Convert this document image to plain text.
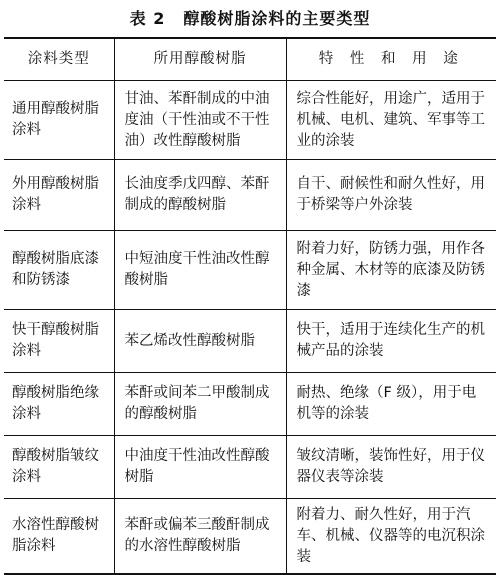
表 2 醇酸树脂涂料的主要类型
涂料类型	所用醇酸树脂	特 性 和 用 途
通用醇酸树脂涂料	甘油、苯酐制成的中油度油（干性油或不干性油）改性醇酸树脂	综合性能好，用途广，适用于机械、电机、建筑、军事等工业的涂装
外用醇酸树脂涂料	长油度季戊四醇、苯酐制成的醇酸树脂	自干、耐候性和耐久性好，用于桥梁等户外涂装
醇酸树脂底漆和防锈漆	中短油度干性油改性醇酸树脂	附着力好，防锈力强，用作各种金属、木材等的底漆及防锈漆
快干醇酸树脂涂料	苯乙烯改性醇酸树脂	快干，适用于连续化生产的机械产品的涂装
醇酸树脂绝缘涂料	苯酐或间苯二甲酸制成的醇酸树脂	耐热、绝缘（F 级），用于电机等的涂装
醇酸树脂皱纹涂料	中油度干性油改性醇酸树脂	皱纹清晰，装饰性好，用于仪器仪表等涂装
水溶性醇酸树脂涂料	苯酐或偏苯三酸酐制成的水溶性醇酸树脂	附着力、耐久性好，用于汽车、机械、仪器等的电沉积涂装
